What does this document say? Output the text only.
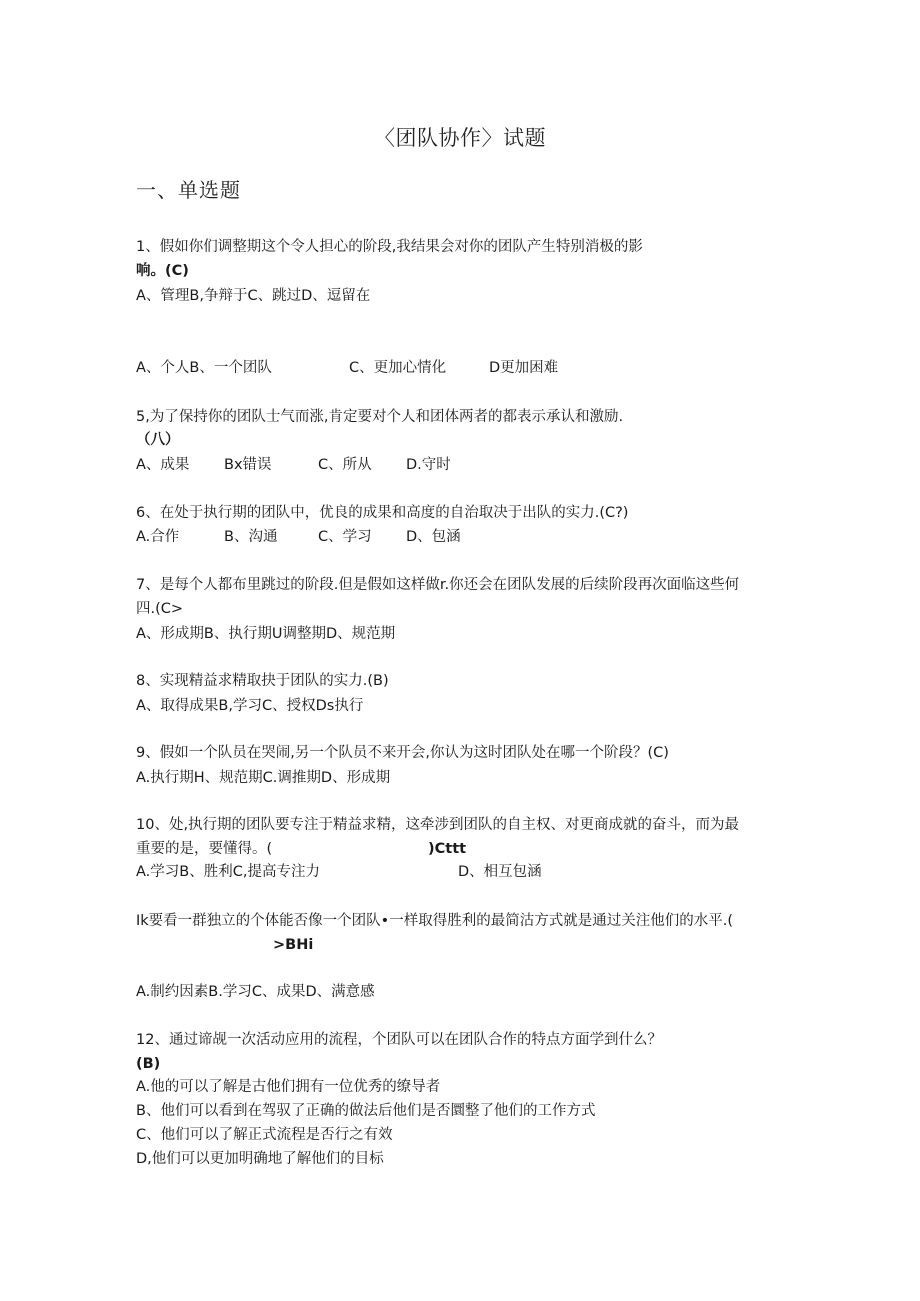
〈团队协作〉试题
一、单选题
1、假如你们调整期这个令人担心的阶段,我结果会对你的团队产生特别消极的影
响。(C)
A、管理B,争辩于C、跳过D、逗留在
A、个人B、一个团队	C、更加心情化	D更加困难
5,为了保持你的团队士气而涨,肯定要对个人和团体两者的都表示承认和激励.
（八）
A、成果 Bx错误	C、所从 D.守时
6、在处于执行期的团队中，优良的成果和高度的自治取决于出队的实力.(C?)
A.合作	B、沟通	C、学习 D、包涵
7、是每个人都布里跳过的阶段.但是假如这样做r.你还会在团队发展的后续阶段再次面临这些何
四.(C>
A、形成期B、执行期U调整期D、规范期
8、实现精益求精取抉于团队的实力.(B)
A、取得成果B,学习C、授权Ds执行
9、假如一个队员在哭闹,另一个队员不来开会,你认为这时团队处在哪一个阶段？(C)
A.执行期H、规范期C.调推期D、形成期
10、处,执行期的团队要专注于精益求精，这牵涉到团队的自主权、对更商成就的奋斗，而为最
重要的是，要懂得。(	)Cttt
A.学习B、胜利C,提高专注力	D、相互包涵
Ik要看一群独立的个体能否像一个团队•一样取得胜利的最简沽方式就是通过关注他们的水平.(
>BHi
A.制约因素B.学习C、成果D、满意感
12、通过谛觇一次活动应用的流程，个团队可以在团队合作的特点方面学到什么？
(B)
A.他的可以了解是古他们拥有一位优秀的缭导者
B、他们可以看到在驾驭了正确的做法后他们是否圜整了他们的工作方式
C、他们可以了解正式流程是否行之有效
D,他们可以更加明确地了解他们的目标
